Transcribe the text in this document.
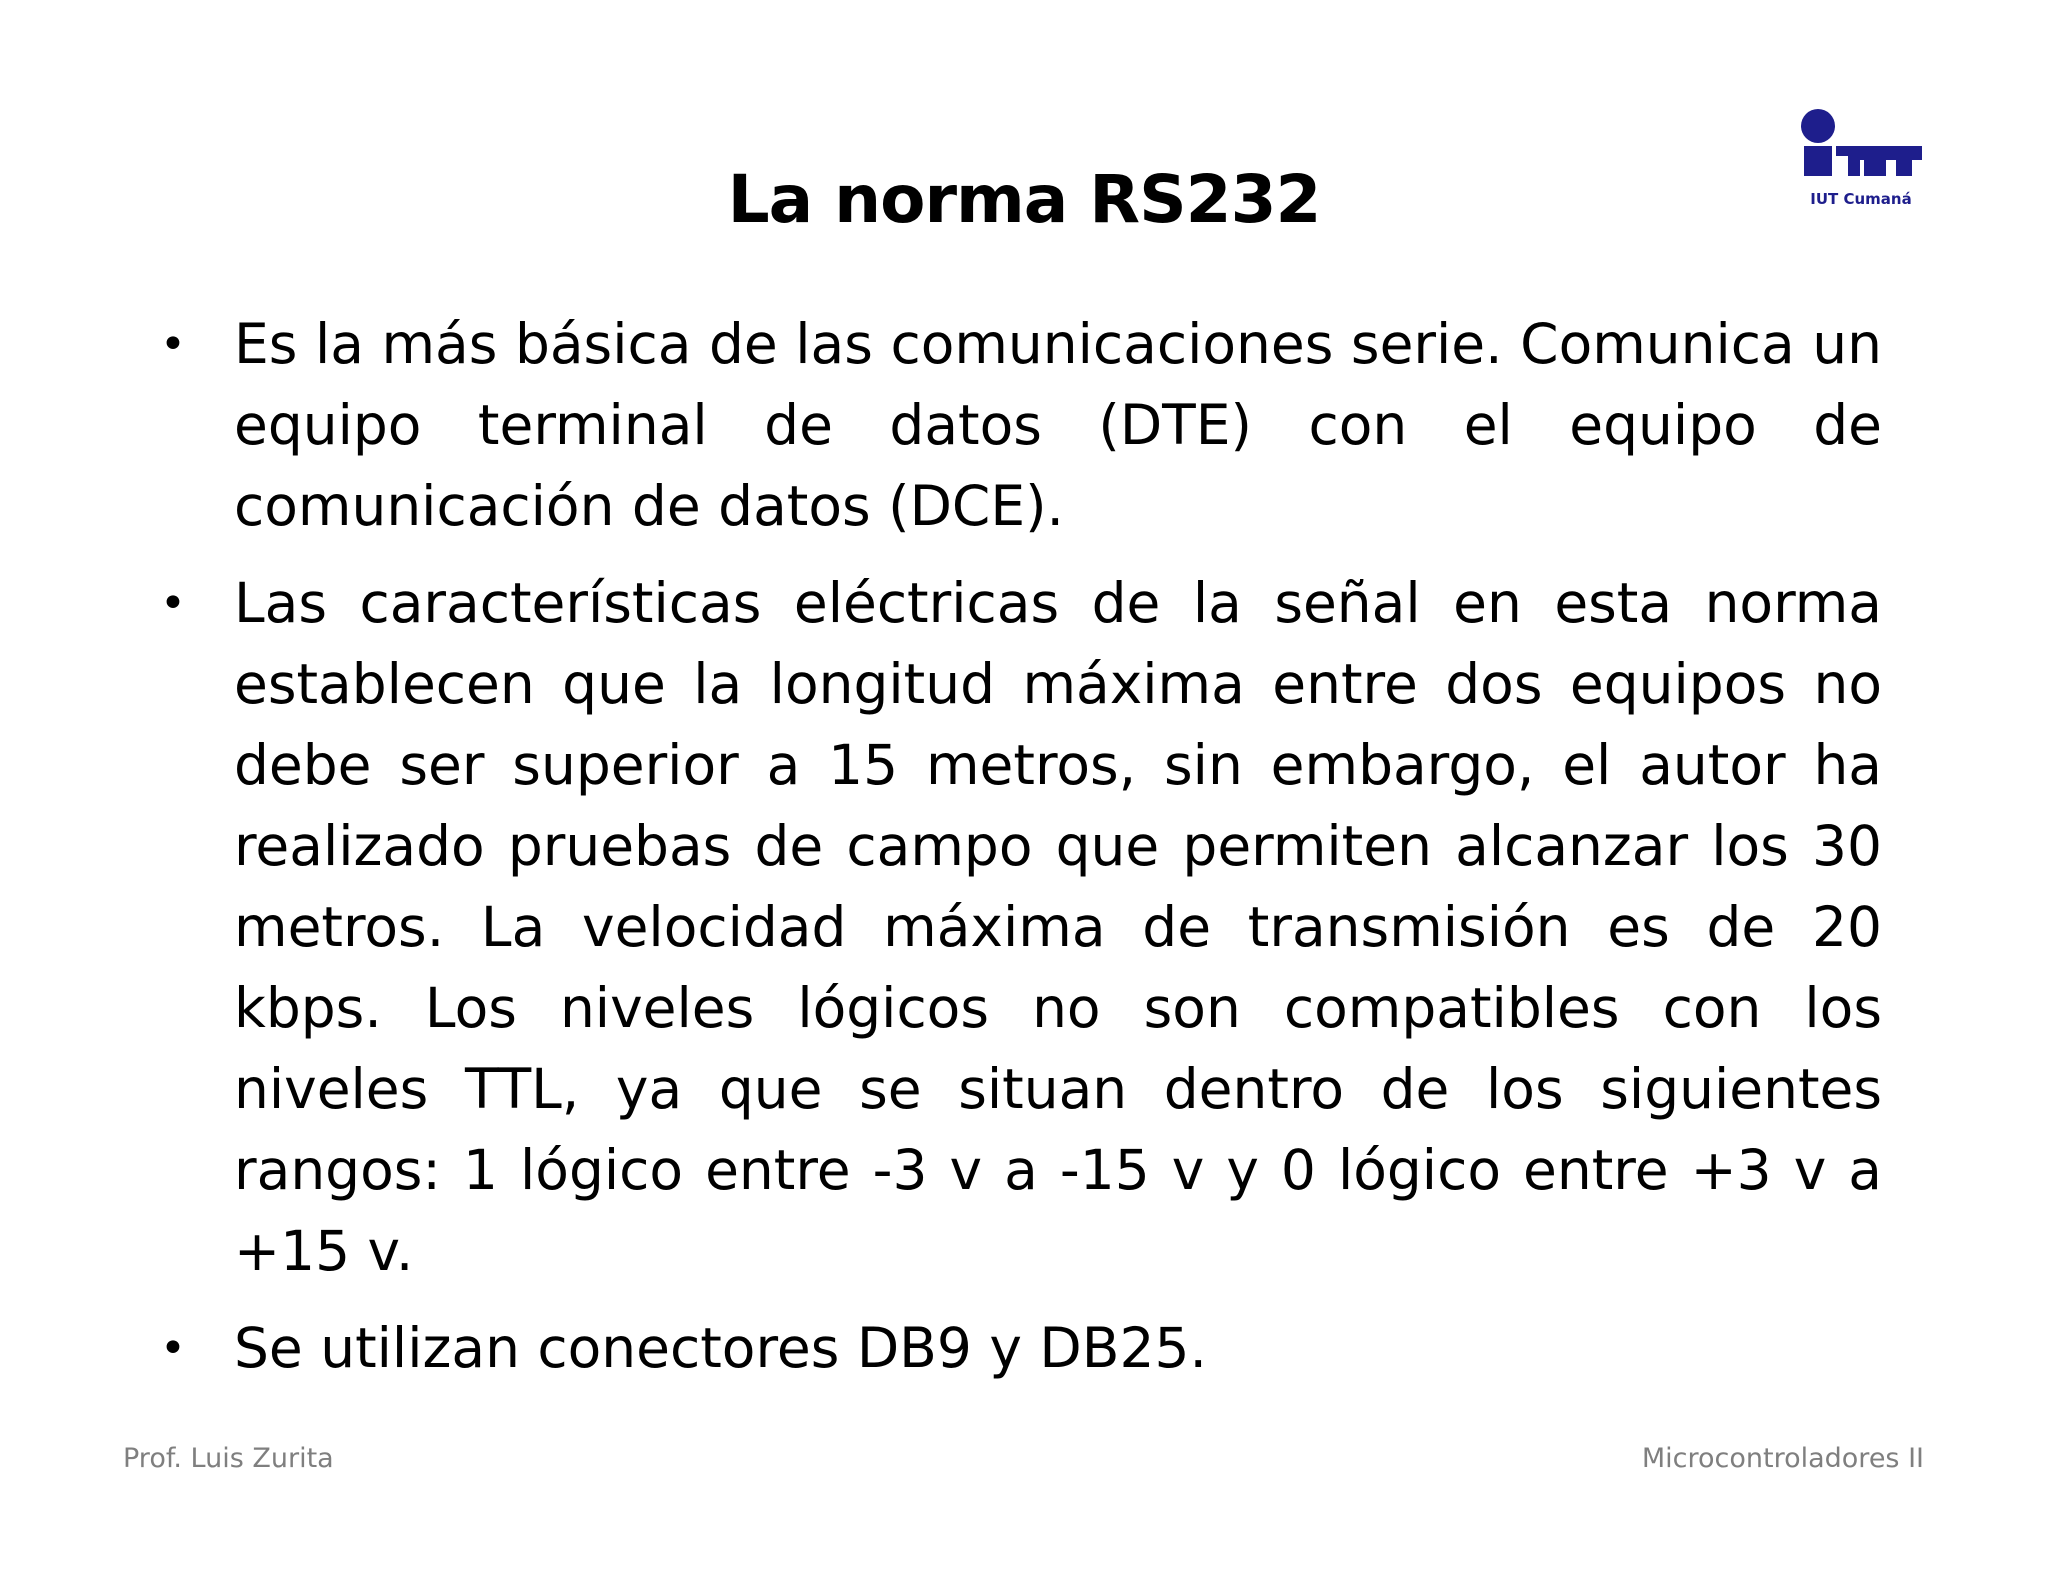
La norma RS232	IUT Cumaná
• Es la más básica de las comunicaciones serie. Comunica un equipo terminal de datos (DTE) con el equipo de comunicación de datos (DCE).
• Las características eléctricas de la señal en esta norma establecen que la longitud máxima entre dos equipos no debe ser superior a 15 metros, sin embargo, el autor ha realizado pruebas de campo que permiten alcanzar los 30 metros. La velocidad máxima de transmisión es de 20 kbps. Los niveles lógicos no son compatibles con los niveles TTL, ya que se situan dentro de los siguientes rangos: 1 lógico entre -3 v a -15 v y 0 lógico entre +3 v a +15 v.
• Se utilizan conectores DB9 y DB25.
Prof. Luis Zurita	Microcontroladores II
